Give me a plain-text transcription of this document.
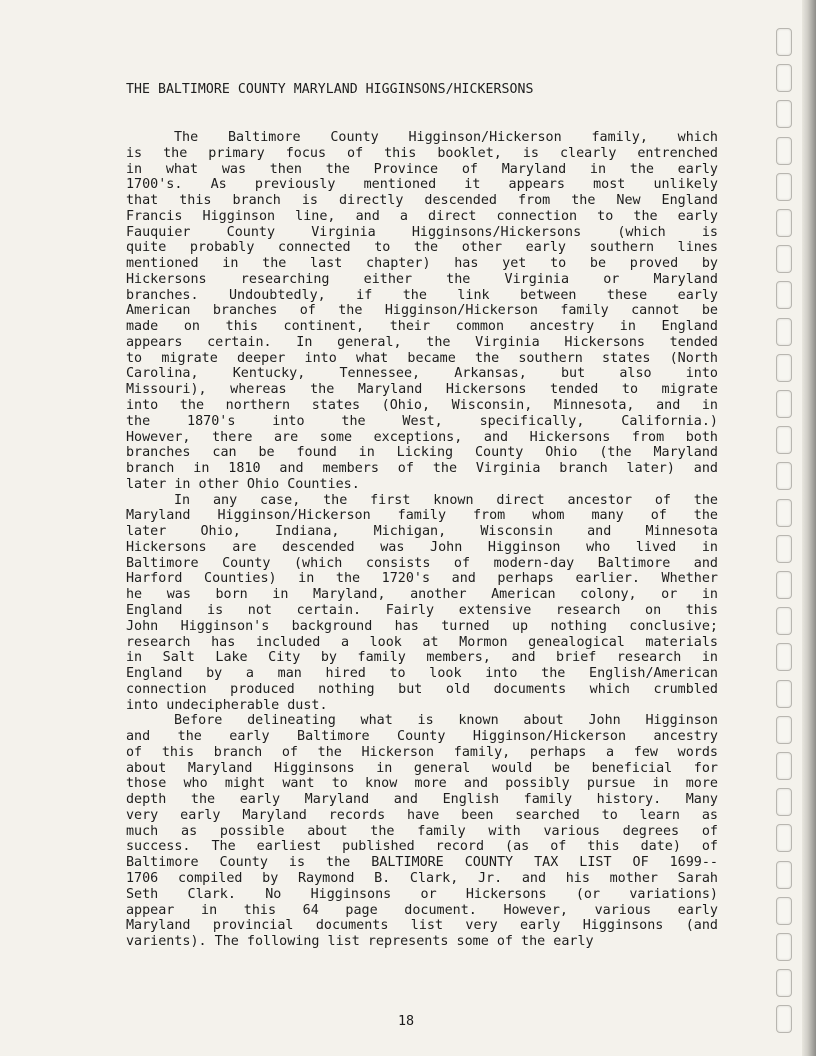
THE BALTIMORE COUNTY MARYLAND HIGGINSONS/HICKERSONS

The Baltimore County Higginson/Hickerson family, which
is the primary focus of this booklet, is clearly entrenched
in what was then the Province of Maryland in the early
1700's. As previously mentioned it appears most unlikely
that this branch is directly descended from the New England
Francis Higginson line, and a direct connection to the early
Fauquier County Virginia Higginsons/Hickersons (which is
quite probably connected to the other early southern lines
mentioned in the last chapter) has yet to be proved by
Hickersons researching either the Virginia or Maryland
branches. Undoubtedly, if the link between these early
American branches of the Higginson/Hickerson family cannot be
made on this continent, their common ancestry in England
appears certain. In general, the Virginia Hickersons tended
to migrate deeper into what became the southern states (North
Carolina, Kentucky, Tennessee, Arkansas, but also into
Missouri), whereas the Maryland Hickersons tended to migrate
into the northern states (Ohio, Wisconsin, Minnesota, and in
the 1870's into the West, specifically, California.)
However, there are some exceptions, and Hickersons from both
branches can be found in Licking County Ohio (the Maryland
branch in 1810 and members of the Virginia branch later) and
later in other Ohio Counties.

In any case, the first known direct ancestor of the
Maryland Higginson/Hickerson family from whom many of the
later Ohio, Indiana, Michigan, Wisconsin and Minnesota
Hickersons are descended was John Higginson who lived in
Baltimore County (which consists of modern-day Baltimore and
Harford Counties) in the 1720's and perhaps earlier. Whether
he was born in Maryland, another American colony, or in
England is not certain. Fairly extensive research on this
John Higginson's background has turned up nothing conclusive;
research has included a look at Mormon genealogical materials
in Salt Lake City by family members, and brief research in
England by a man hired to look into the English/American
connection produced nothing but old documents which crumbled
into undecipherable dust.

Before delineating what is known about John Higginson
and the early Baltimore County Higginson/Hickerson ancestry
of this branch of the Hickerson family, perhaps a few words
about Maryland Higginsons in general would be beneficial for
those who might want to know more and possibly pursue in more
depth the early Maryland and English family history. Many
very early Maryland records have been searched to learn as
much as possible about the family with various degrees of
success. The earliest published record (as of this date) of
Baltimore County is the BALTIMORE COUNTY TAX LIST OF 1699--
1706 compiled by Raymond B. Clark, Jr. and his mother Sarah
Seth Clark. No Higginsons or Hickersons (or variations)
appear in this 64 page document. However, various early
Maryland provincial documents list very early Higginsons (and
varients). The following list represents some of the early

18
